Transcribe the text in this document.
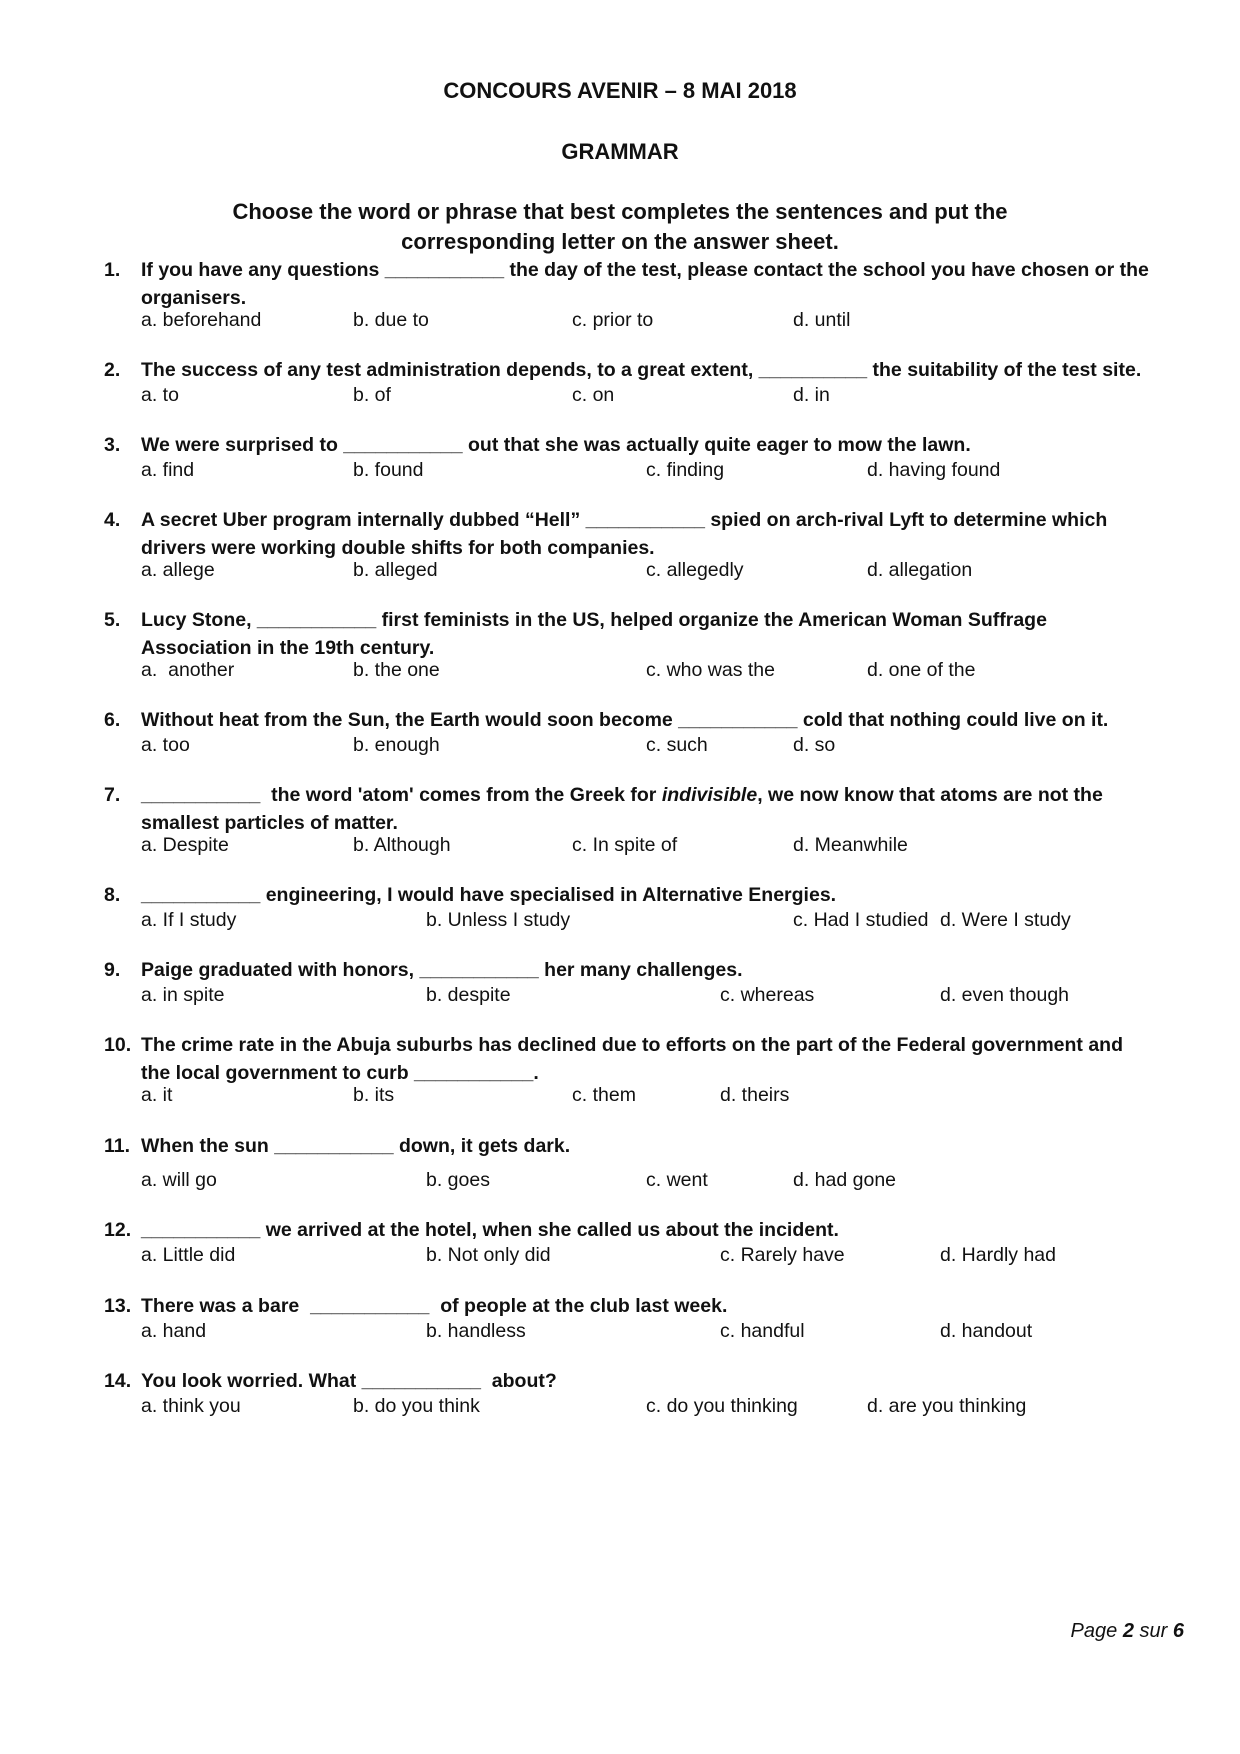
CONCOURS AVENIR – 8 MAI 2018
GRAMMAR
Choose the word or phrase that best completes the sentences and put the
corresponding letter on the answer sheet.
1. If you have any questions ___________ the day of the test, please contact the school you have chosen or the
organisers.
a. beforehand	b. due to	c. prior to	d. until
2. The success of any test administration depends, to a great extent, __________ the suitability of the test site.
a. to	b. of	c. on	d. in
3. We were surprised to ___________ out that she was actually quite eager to mow the lawn.
a. find	b. found	c. finding	d. having found
4. A secret Uber program internally dubbed “Hell” ___________ spied on arch-rival Lyft to determine which
drivers were working double shifts for both companies.
a. allege	b. alleged	c. allegedly	d. allegation
5. Lucy Stone, ___________ first feminists in the US, helped organize the American Woman Suffrage
Association in the 19th century.
a.  another	b. the one	c. who was the	d. one of the
6. Without heat from the Sun, the Earth would soon become ___________ cold that nothing could live on it.
a. too	b. enough	c. such	d. so
7. ___________  the word 'atom' comes from the Greek for indivisible, we now know that atoms are not the
smallest particles of matter.
a. Despite	b. Although	c. In spite of	d. Meanwhile
8. ___________ engineering, I would have specialised in Alternative Energies.
a. If I study	b. Unless I study	c. Had I studied d. Were I study
9. Paige graduated with honors, ___________ her many challenges.
a. in spite	b. despite	c. whereas	d. even though
10. The crime rate in the Abuja suburbs has declined due to efforts on the part of the Federal government and
the local government to curb ___________.
a. it	b. its	c. them	d. theirs
11. When the sun ___________ down, it gets dark.
a. will go	b. goes	c. went	d. had gone
12. ___________ we arrived at the hotel, when she called us about the incident.
a. Little did	b. Not only did	c. Rarely have	d. Hardly had
13. There was a bare  ___________  of people at the club last week.
a. hand	b. handless	c. handful	d. handout
14. You look worried. What ___________  about?
a. think you	b. do you think	c. do you thinking	d. are you thinking
Page 2 sur 6
